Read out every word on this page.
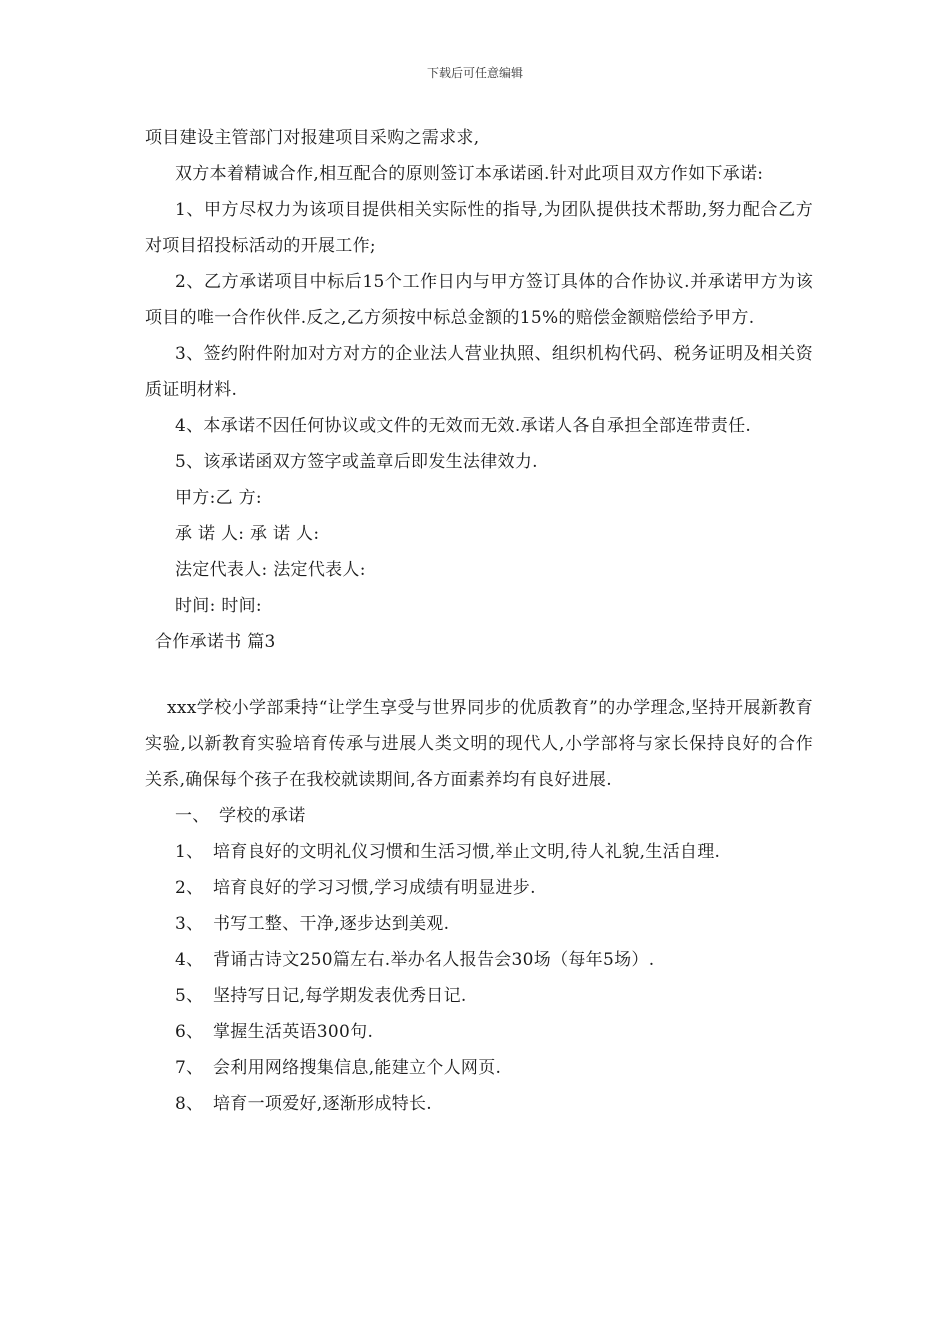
下载后可任意编辑

项目建设主管部门对报建项目采购之需求求,

双方本着精诚合作,相互配合的原则签订本承诺函.针对此项目双方作如下承诺:

1、甲方尽权力为该项目提供相关实际性的指导,为团队提供技术帮助,努力配合乙方对项目招投标活动的开展工作;

2、乙方承诺项目中标后15个工作日内与甲方签订具体的合作协议.并承诺甲方为该项目的唯一合作伙伴.反之,乙方须按中标总金额的15%的赔偿金额赔偿给予甲方.

3、签约附件附加对方对方的企业法人营业执照、组织机构代码、税务证明及相关资质证明材料.

4、本承诺不因任何协议或文件的无效而无效.承诺人各自承担全部连带责任.

5、该承诺函双方签字或盖章后即发生法律效力.

甲方:乙 方:

承 诺 人: 承 诺 人:

法定代表人: 法定代表人:

时间: 时间:

合作承诺书 篇3

xxx学校小学部秉持“让学生享受与世界同步的优质教育”的办学理念,坚持开展新教育实验,以新教育实验培育传承与进展人类文明的现代人,小学部将与家长保持良好的合作关系,确保每个孩子在我校就读期间,各方面素养均有良好进展.

一、 学校的承诺

1、 培育良好的文明礼仪习惯和生活习惯,举止文明,待人礼貌,生活自理.

2、 培育良好的学习习惯,学习成绩有明显进步.

3、 书写工整、干净,逐步达到美观.

4、 背诵古诗文250篇左右.举办名人报告会30场（每年5场）.

5、 坚持写日记,每学期发表优秀日记.

6、 掌握生活英语300句.

7、 会利用网络搜集信息,能建立个人网页.

8、 培育一项爱好,逐渐形成特长.
